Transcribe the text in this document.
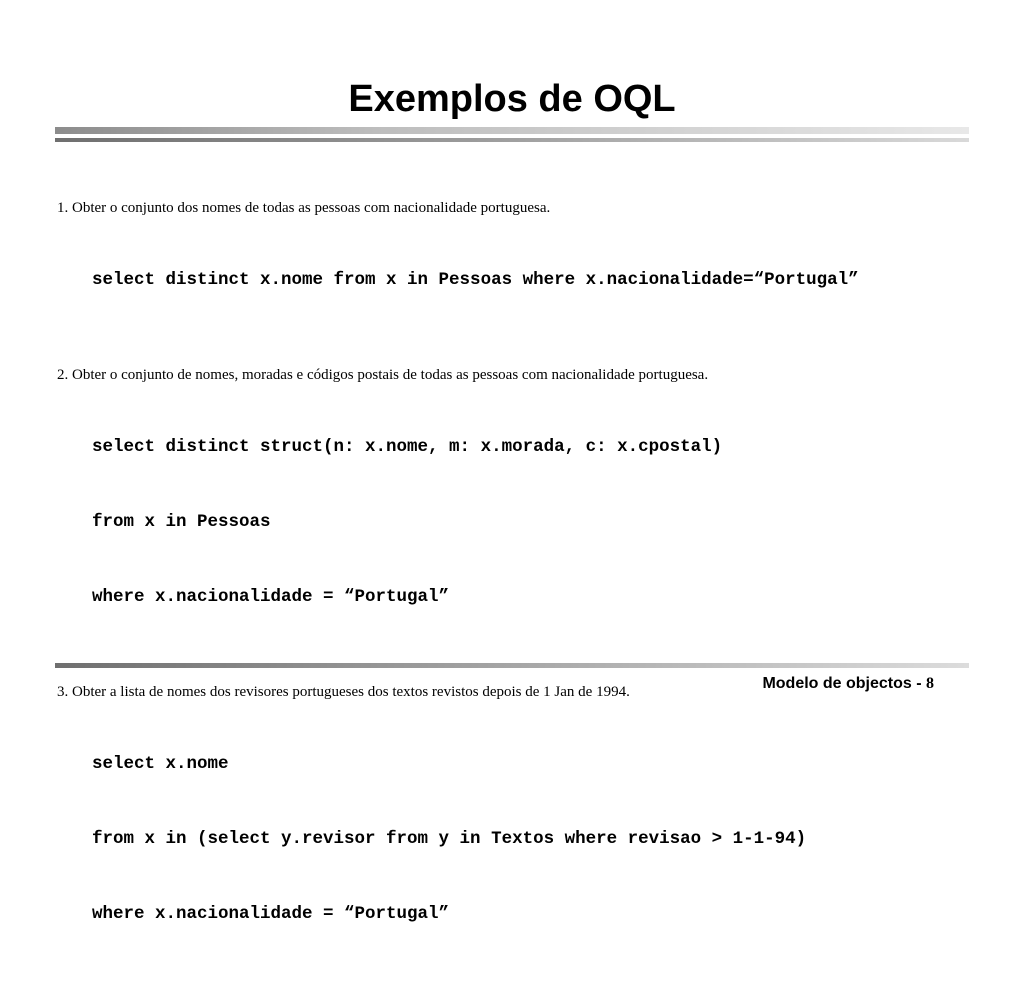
Exemplos de OQL

1. Obter o conjunto dos nomes de todas as pessoas com nacionalidade portuguesa.

select distinct x.nome from x in Pessoas where x.nacionalidade=“Portugal”

2. Obter o conjunto de nomes, moradas e códigos postais de todas as pessoas com nacionalidade portuguesa.

select distinct struct(n: x.nome, m: x.morada, c: x.cpostal)

from x in Pessoas

where x.nacionalidade = “Portugal”

3. Obter a lista de nomes dos revisores portugueses dos textos revistos depois de 1 Jan de 1994.

select x.nome

from x in (select y.revisor from y in Textos where revisao > 1-1-94)

where x.nacionalidade = “Portugal”

Modelo de objectos - 8
